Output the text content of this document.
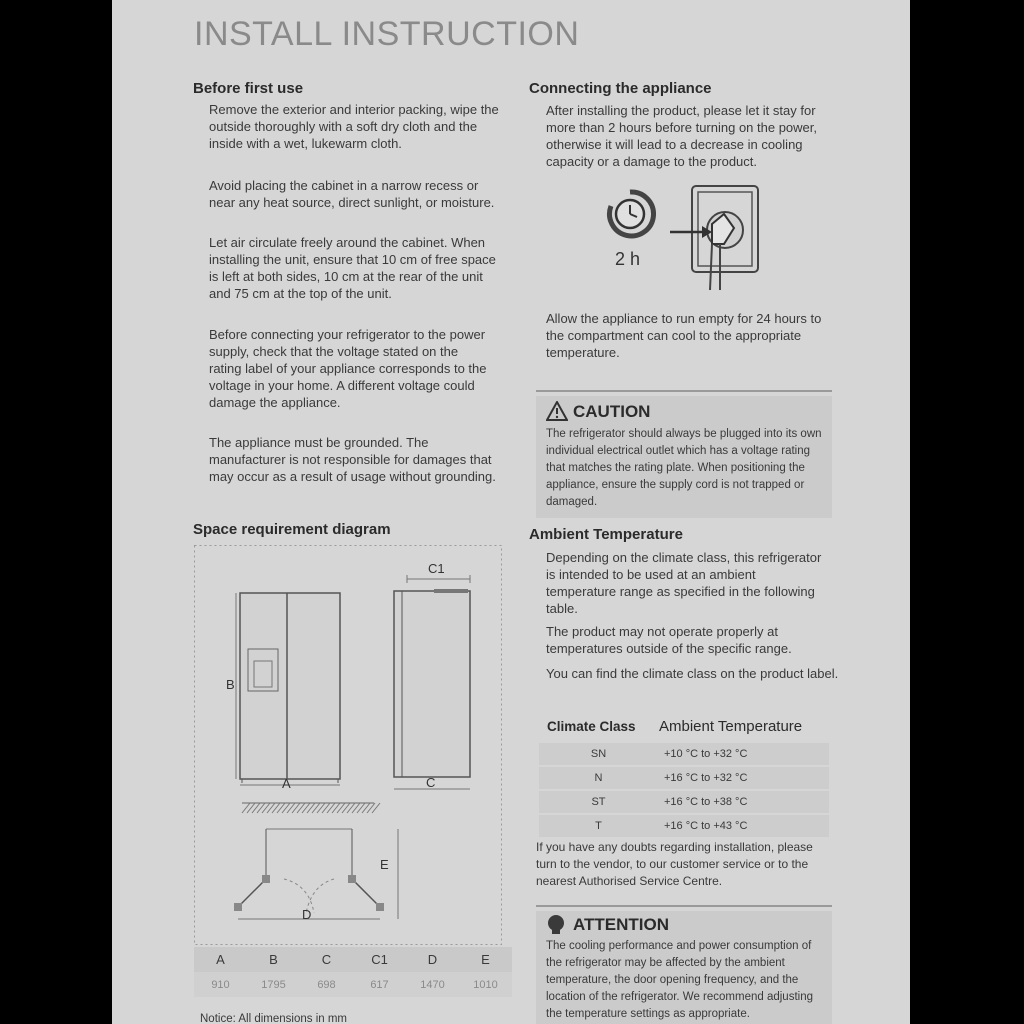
INSTALL INSTRUCTION
Before first use
Remove the exterior and interior packing, wipe the outside thoroughly with a soft dry cloth and the inside with a wet, lukewarm cloth.
Avoid placing the cabinet in a narrow recess or near any heat source, direct sunlight, or moisture.
Let air circulate freely around the cabinet. When installing the unit, ensure that 10 cm of free space is left at both sides, 10 cm at the rear of the unit and 75 cm at the top of the unit.
Before connecting your refrigerator to the power supply, check that the voltage stated on the rating label of your appliance corresponds to the voltage in your home. A different voltage could damage the appliance.
The appliance must be grounded. The manufacturer is not responsible for damages that may occur as a result of usage without grounding.
Space requirement diagram
B
A	C
C1
E
D
A	B	C	C1	D	E
910	1795	698	617	1470	1010
Notice: All dimensions in mm
Connecting the appliance
After installing the product, please let it stay for more than 2 hours before turning on the power, otherwise it will lead to a decrease in cooling capacity or a damage to the product.
2 h
Allow the appliance to run empty for 24 hours to the compartment can cool to the appropriate temperature.
CAUTION
The refrigerator should always be plugged into its own individual electrical outlet which has a voltage rating that matches the rating plate. When positioning the appliance, ensure the supply cord is not trapped or damaged.
Ambient Temperature
Depending on the climate class, this refrigerator is intended to be used at an ambient temperature range as specified in the following table.
The product may not operate properly at temperatures outside of the specific range.
You can find the climate class on the product label.
Climate Class	Ambient Temperature
SN	+10 °C to +32 °C
N	+16 °C to +32 °C
ST	+16 °C to +38 °C
T	+16 °C to +43 °C
If you have any doubts regarding installation, please turn to the vendor, to our customer service or to the nearest Authorised Service Centre.
ATTENTION
The cooling performance and power consumption of the refrigerator may be affected by the ambient temperature, the door opening frequency, and the location of the refrigerator. We recommend adjusting the temperature settings as appropriate.
